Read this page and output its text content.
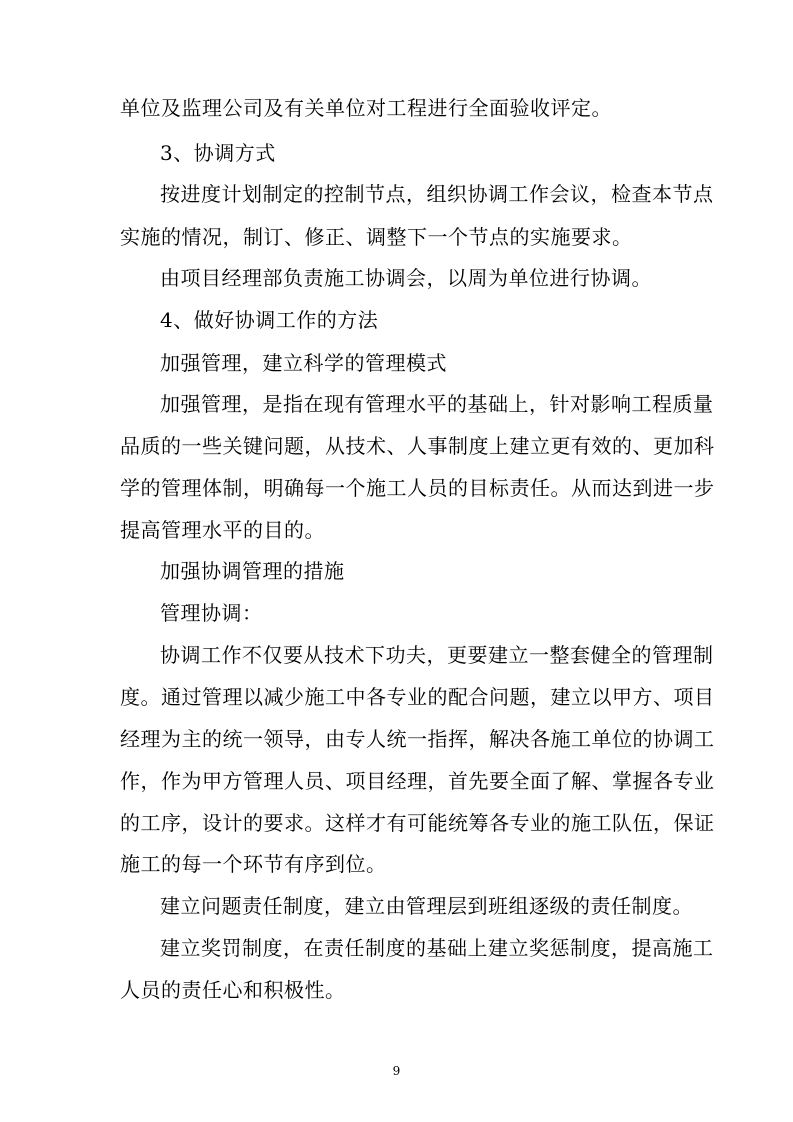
单位及监理公司及有关单位对工程进行全面验收评定。
3、协调方式
按进度计划制定的控制节点，组织协调工作会议，检查本节点
实施的情况，制订、修正、调整下一个节点的实施要求。
由项目经理部负责施工协调会，以周为单位进行协调。
4、做好协调工作的方法
加强管理，建立科学的管理模式
加强管理，是指在现有管理水平的基础上，针对影响工程质量
品质的一些关键问题，从技术、人事制度上建立更有效的、更加科
学的管理体制，明确每一个施工人员的目标责任。从而达到进一步
提高管理水平的目的。
加强协调管理的措施
管理协调：
协调工作不仅要从技术下功夫，更要建立一整套健全的管理制
度。通过管理以减少施工中各专业的配合问题，建立以甲方、项目
经理为主的统一领导，由专人统一指挥，解决各施工单位的协调工
作，作为甲方管理人员、项目经理，首先要全面了解、掌握各专业
的工序，设计的要求。这样才有可能统筹各专业的施工队伍，保证
施工的每一个环节有序到位。
建立问题责任制度，建立由管理层到班组逐级的责任制度。
建立奖罚制度，在责任制度的基础上建立奖惩制度，提高施工
人员的责任心和积极性。
9
